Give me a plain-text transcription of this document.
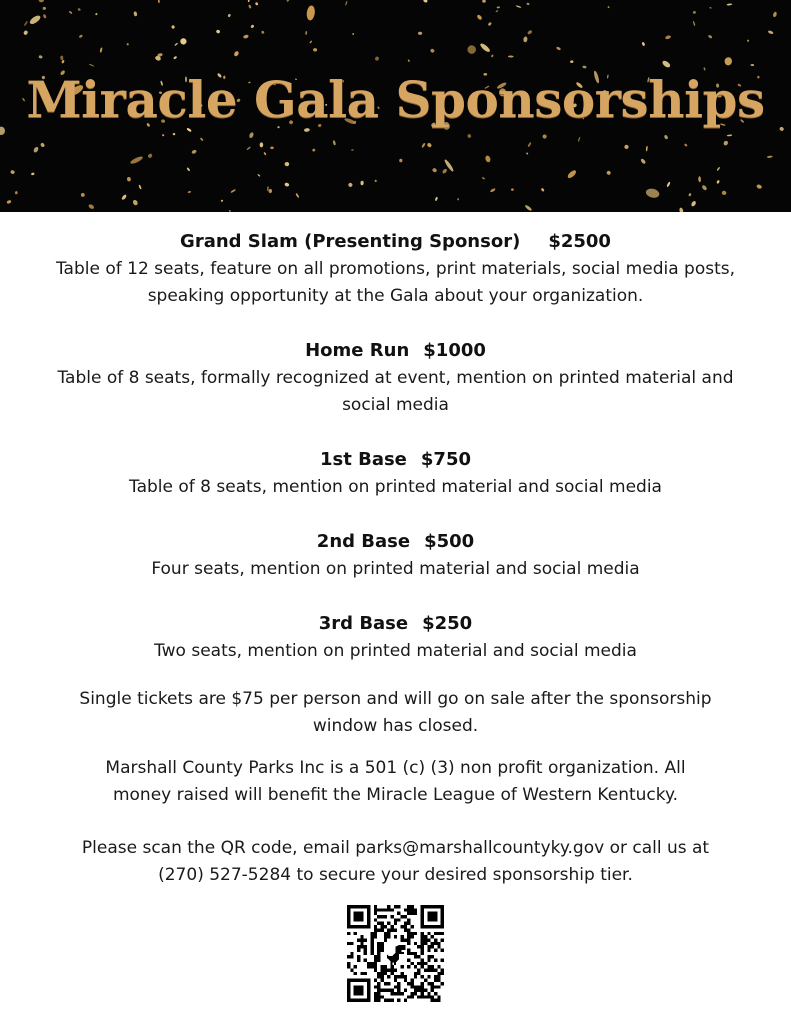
Miracle Gala Sponsorships
Grand Slam (Presenting Sponsor) $2500
Table of 12 seats, feature on all promotions, print materials, social media posts,
speaking opportunity at the Gala about your organization.
Home Run $1000
Table of 8 seats, formally recognized at event, mention on printed material and
social media
1st Base $750
Table of 8 seats, mention on printed material and social media
2nd Base $500
Four seats, mention on printed material and social media
3rd Base $250
Two seats, mention on printed material and social media
Single tickets are $75 per person and will go on sale after the sponsorship
window has closed.
Marshall County Parks Inc is a 501 (c) (3) non profit organization. All
money raised will benefit the Miracle League of Western Kentucky.
Please scan the QR code, email parks@marshallcountyky.gov or call us at
(270) 527-5284 to secure your desired sponsorship tier.
